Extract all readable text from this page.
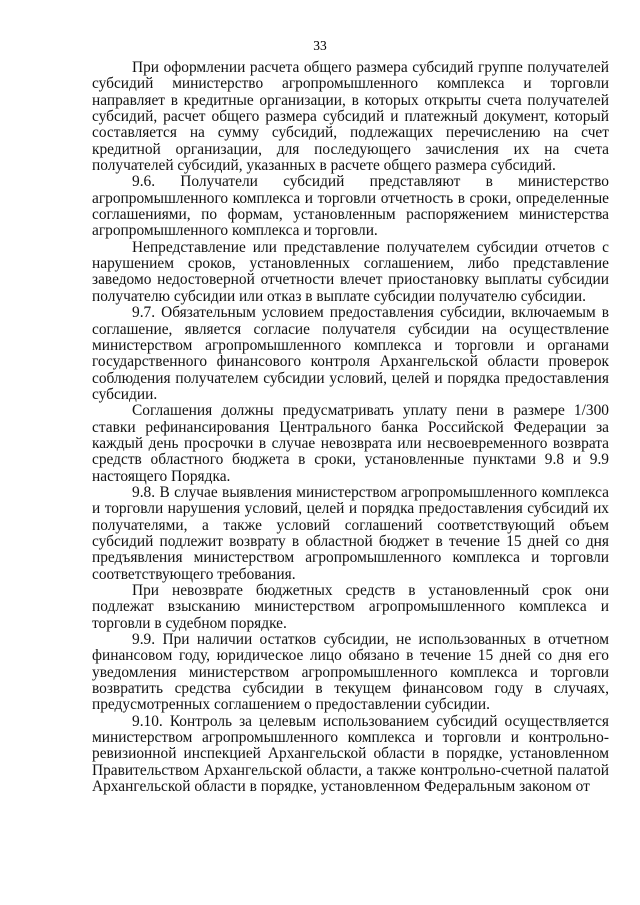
33

При оформлении расчета общего размера субсидий группе получателей субсидий министерство агропромышленного комплекса и торговли направляет в кредитные организации, в которых открыты счета получателей субсидий, расчет общего размера субсидий и платежный документ, который составляется на сумму субсидий, подлежащих перечислению на счет кредитной организации, для последующего зачисления их на счета получателей субсидий, указанных в расчете общего размера субсидий.

9.6. Получатели субсидий представляют в министерство агропромышленного комплекса и торговли отчетность в сроки, определенные соглашениями, по формам, установленным распоряжением министерства агропромышленного комплекса и торговли.

Непредставление или представление получателем субсидии отчетов с нарушением сроков, установленных соглашением, либо представление заведомо недостоверной отчетности влечет приостановку выплаты субсидии получателю субсидии или отказ в выплате субсидии получателю субсидии.

9.7. Обязательным условием предоставления субсидии, включаемым в соглашение, является согласие получателя субсидии на осуществление министерством агропромышленного комплекса и торговли и органами государственного финансового контроля Архангельской области проверок соблюдения получателем субсидии условий, целей и порядка предоставления субсидии.

Соглашения должны предусматривать уплату пени в размере 1/300 ставки рефинансирования Центрального банка Российской Федерации за каждый день просрочки в случае невозврата или несвоевременного возврата средств областного бюджета в сроки, установленные пунктами 9.8 и 9.9 настоящего Порядка.

9.8. В случае выявления министерством агропромышленного комплекса и торговли нарушения условий, целей и порядка предоставления субсидий их получателями, а также условий соглашений соответствующий объем субсидий подлежит возврату в областной бюджет в течение 15 дней со дня предъявления министерством агропромышленного комплекса и торговли соответствующего требования.

При невозврате бюджетных средств в установленный срок они подлежат взысканию министерством агропромышленного комплекса и торговли в судебном порядке.

9.9. При наличии остатков субсидии, не использованных в отчетном финансовом году, юридическое лицо обязано в течение 15 дней со дня его уведомления министерством агропромышленного комплекса и торговли возвратить средства субсидии в текущем финансовом году в случаях, предусмотренных соглашением о предоставлении субсидии.

9.10. Контроль за целевым использованием субсидий осуществляется министерством агропромышленного комплекса и торговли и контрольно-ревизионной инспекцией Архангельской области в порядке, установленном Правительством Архангельской области, а также контрольно-счетной палатой Архангельской области в порядке, установленном Федеральным законом от
